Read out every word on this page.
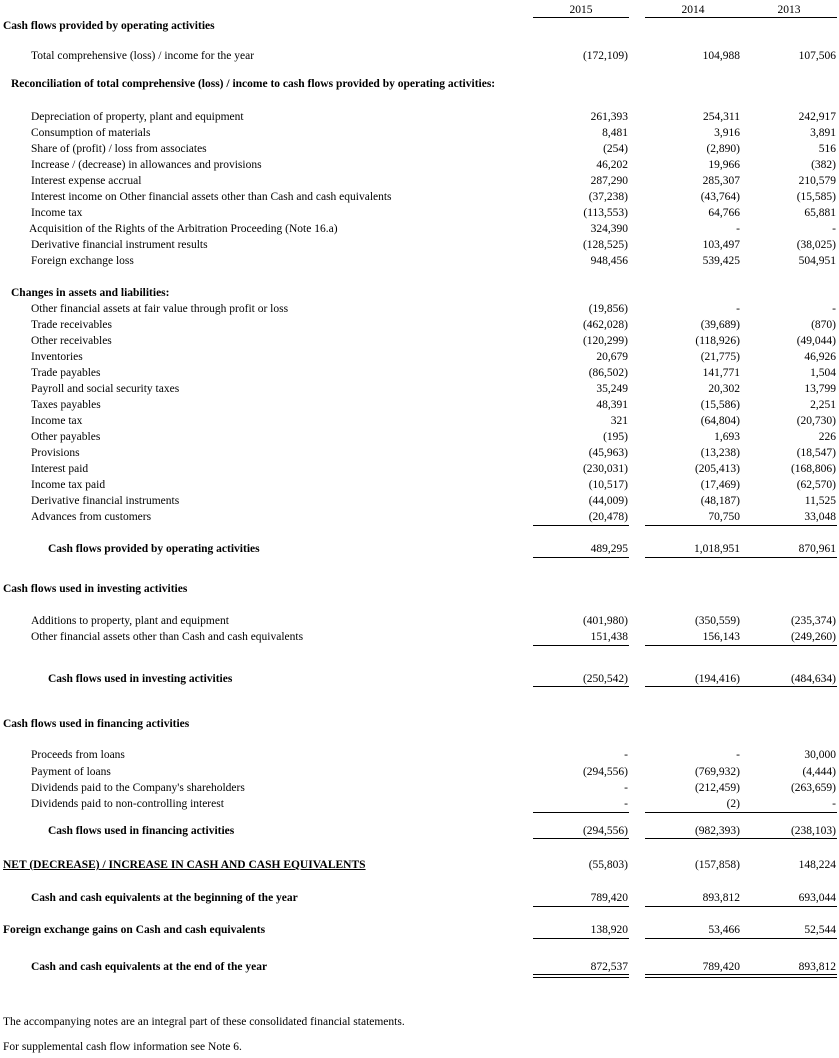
2015	2014	2013
Cash flows provided by operating activities
Total comprehensive (loss) / income for the year	(172,109)	104,988	107,506
Reconciliation of total comprehensive (loss) / income to cash flows provided by operating activities:
Depreciation of property, plant and equipment	261,393	254,311	242,917
Consumption of materials	8,481	3,916	3,891
Share of (profit) / loss from associates	(254)	(2,890)	516
Increase / (decrease) in allowances and provisions	46,202	19,966	(382)
Interest expense accrual	287,290	285,307	210,579
Interest income on Other financial assets other than Cash and cash equivalents	(37,238)	(43,764)	(15,585)
Income tax	(113,553)	64,766	65,881
Acquisition of the Rights of the Arbitration Proceeding (Note 16.a)	324,390	-	-
Derivative financial instrument results	(128,525)	103,497	(38,025)
Foreign exchange loss	948,456	539,425	504,951
Changes in assets and liabilities:
Other financial assets at fair value through profit or loss	(19,856)	-	-
Trade receivables	(462,028)	(39,689)	(870)
Other receivables	(120,299)	(118,926)	(49,044)
Inventories	20,679	(21,775)	46,926
Trade payables	(86,502)	141,771	1,504
Payroll and social security taxes	35,249	20,302	13,799
Taxes payables	48,391	(15,586)	2,251
Income tax	321	(64,804)	(20,730)
Other payables	(195)	1,693	226
Provisions	(45,963)	(13,238)	(18,547)
Interest paid	(230,031)	(205,413)	(168,806)
Income tax paid	(10,517)	(17,469)	(62,570)
Derivative financial instruments	(44,009)	(48,187)	11,525
Advances from customers	(20,478)	70,750	33,048
Cash flows provided by operating activities	489,295	1,018,951	870,961
Cash flows used in investing activities
Additions to property, plant and equipment	(401,980)	(350,559)	(235,374)
Other financial assets other than Cash and cash equivalents	151,438	156,143	(249,260)
Cash flows used in investing activities	(250,542)	(194,416)	(484,634)
Cash flows used in financing activities
Proceeds from loans	-	-	30,000
Payment of loans	(294,556)	(769,932)	(4,444)
Dividends paid to the Company's shareholders	-	(212,459)	(263,659)
Dividends paid to non-controlling interest	-	(2)	-
Cash flows used in financing activities	(294,556)	(982,393)	(238,103)
NET (DECREASE) / INCREASE IN CASH AND CASH EQUIVALENTS	(55,803)	(157,858)	148,224
Cash and cash equivalents at the beginning of the year	789,420	893,812	693,044
Foreign exchange gains on Cash and cash equivalents	138,920	53,466	52,544
Cash and cash equivalents at the end of the year	872,537	789,420	893,812
The accompanying notes are an integral part of these consolidated financial statements.
For supplemental cash flow information see Note 6.
